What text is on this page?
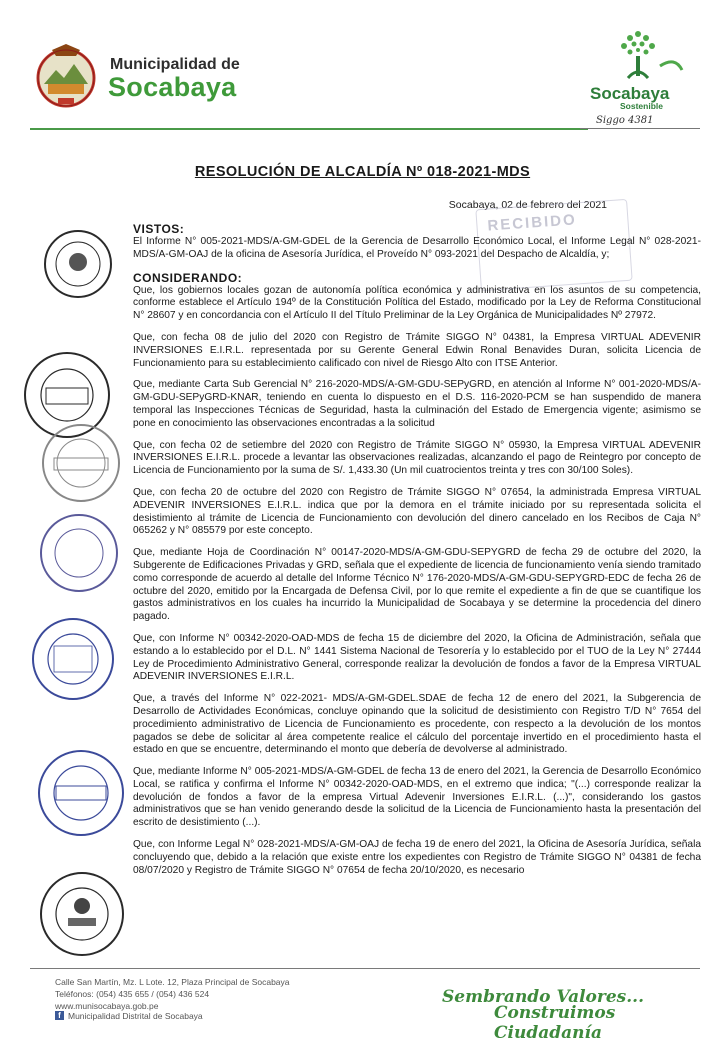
Municipalidad de
Socabaya	Socabaya
Sostenible
Siggo 4381
RESOLUCIÓN DE ALCALDÍA Nº 018-2021-MDS
Socabaya, 02 de febrero del 2021
RECIBIDO

VISTOS:

El Informe N° 005-2021-MDS/A-GM-GDEL de la Gerencia de Desarrollo Económico Local, el Informe Legal N° 028-2021-MDS/A-GM-OAJ de la oficina de Asesoría Jurídica, el Proveído N° 093-2021 del Despacho de Alcaldía, y;

CONSIDERANDO:

Que, los gobiernos locales gozan de autonomía política económica y administrativa en los asuntos de su competencia, conforme establece el Artículo 194º de la Constitución Política del Estado, modificado por la Ley de Reforma Constitucional N° 28607 y en concordancia con el Artículo II del Título Preliminar de la Ley Orgánica de Municipalidades Nº 27972.

Que, con fecha 08 de julio del 2020 con Registro de Trámite SIGGO N° 04381, la Empresa VIRTUAL ADEVENIR INVERSIONES E.I.R.L. representada por su Gerente General Edwin Ronal Benavides Duran, solicita Licencia de Funcionamiento para su establecimiento calificado con nivel de Riesgo Alto con ITSE Anterior.

Que, mediante Carta Sub Gerencial N° 216-2020-MDS/A-GM-GDU-SEPyGRD, en atención al Informe N° 001-2020-MDS/A-GM-GDU-SEPyGRD-KNAR, teniendo en cuenta lo dispuesto en el D.S. 116-2020-PCM se han suspendido de manera temporal las Inspecciones Técnicas de Seguridad, hasta la culminación del Estado de Emergencia vigente; asimismo se pone en conocimiento las observaciones encontradas a la solicitud

Que, con fecha 02 de setiembre del 2020 con Registro de Trámite SIGGO N° 05930, la Empresa VIRTUAL ADEVENIR INVERSIONES E.I.R.L. procede a levantar las observaciones realizadas, alcanzando el pago de Reintegro por concepto de Licencia de Funcionamiento por la suma de S/. 1,433.30 (Un mil cuatrocientos treinta y tres con 30/100 Soles).

Que, con fecha 20 de octubre del 2020 con Registro de Trámite SIGGO N° 07654, la administrada Empresa VIRTUAL ADEVENIR INVERSIONES E.I.R.L. indica que por la demora en el trámite iniciado por su representada solicita el desistimiento al trámite de Licencia de Funcionamiento con devolución del dinero cancelado en los Recibos de Caja N° 065262 y N° 085579 por este concepto.

Que, mediante Hoja de Coordinación N° 00147-2020-MDS/A-GM-GDU-SEPYGRD de fecha 29 de octubre del 2020, la Subgerente de Edificaciones Privadas y GRD, señala que el expediente de licencia de funcionamiento venía siendo tramitado como corresponde de acuerdo al detalle del Informe Técnico N° 176-2020-MDS/A-GM-GDU-SEPYGRD-EDC de fecha 26 de octubre del 2020, emitido por la Encargada de Defensa Civil, por lo que remite el expediente a fin de que se cuantifique los gastos administrativos en los cuales ha incurrido la Municipalidad de Socabaya y se determine la procedencia del dinero pagado.

Que, con Informe N° 00342-2020-OAD-MDS de fecha 15 de diciembre del 2020, la Oficina de Administración, señala que estando a lo establecido por el D.L. N° 1441 Sistema Nacional de Tesorería y lo establecido por el TUO de la Ley N° 27444 Ley de Procedimiento Administrativo General, corresponde realizar la devolución de fondos a favor de la Empresa VIRTUAL ADEVENIR INVERSIONES E.I.R.L.

Que, a través del Informe N° 022-2021- MDS/A-GM-GDEL.SDAE de fecha 12 de enero del 2021, la Subgerencia de Desarrollo de Actividades Económicas, concluye opinando que la solicitud de desistimiento con Registro T/D N° 7654 del procedimiento administrativo de Licencia de Funcionamiento es procedente, con respecto a la devolución de los montos pagados se debe de solicitar al área competente realice el cálculo del porcentaje invertido en el procedimiento hasta el estado en que se encuentre, determinando el monto que debería de devolverse al administrado.

Que, mediante Informe N° 005-2021-MDS/A-GM-GDEL de fecha 13 de enero del 2021, la Gerencia de Desarrollo Económico Local, se ratifica y confirma el Informe N° 00342-2020-OAD-MDS, en el extremo que indica; "(...) corresponde realizar la devolución de fondos a favor de la empresa Virtual Adevenir Inversiones E.I.R.L. (...)", considerando los gastos administrativos que se han venido generando desde la solicitud de la Licencia de Funcionamiento hasta la presentación del escrito de desistimiento (...).

Que, con Informe Legal N° 028-2021-MDS/A-GM-OAJ de fecha 19 de enero del 2021, la Oficina de Asesoría Jurídica, señala concluyendo que, debido a la relación que existe entre los expedientes con Registro de Trámite SIGGO N° 04381 de fecha 08/07/2020 y Registro de Trámite SIGGO N° 07654 de fecha 20/10/2020, es necesario

Calle San Martín, Mz. L Lote. 12, Plaza Principal de Socabaya
Teléfonos: (054) 435 655 / (054) 436 524
www.munisocabaya.gob.pe
f Municipalidad Distrital de Socabaya
Sembrando Valores...
Construimos Ciudadanía
